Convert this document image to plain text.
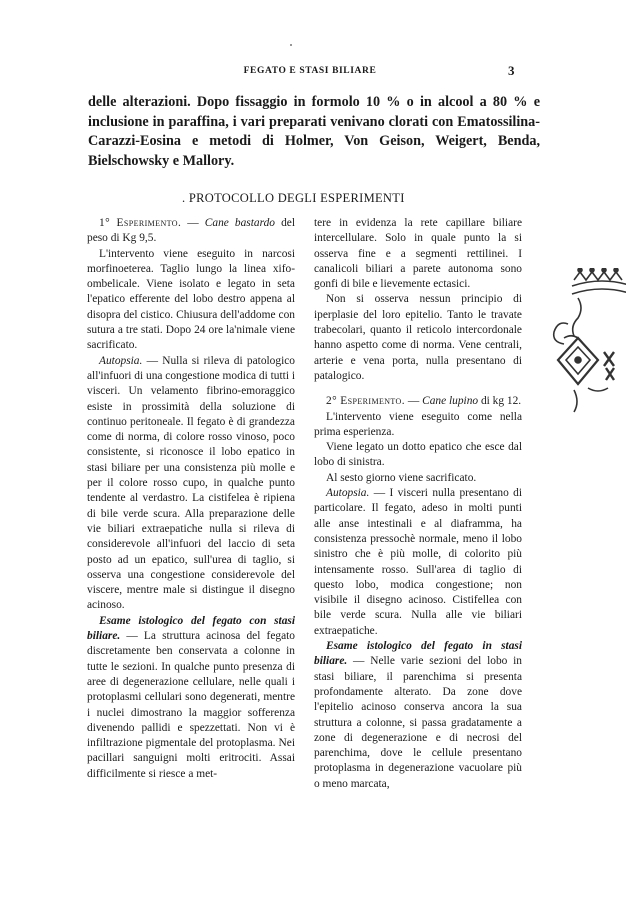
FEGATO E STASI BILIARE	3

delle alterazioni. Dopo fissaggio in formolo 10 % o in alcool a 80 % e inclusione in paraffina, i vari preparati venivano clorati con Ematossilina-Carazzi-Eosina e metodi di Holmer, Von Geison, Weigert, Benda, Bielschowsky e Mallory.

. PROTOCOLLO DEGLI ESPERIMENTI

1° Esperimento. — Cane bastardo del peso di Kg 9,5.

L'intervento viene eseguito in narcosi morfinoeterea. Taglio lungo la linea xifo-ombelicale. Viene isolato e legato in seta l'epatico efferente del lobo destro appena al disopra del cistico. Chiusura dell'addome con sutura a tre stati. Dopo 24 ore la'nimale viene sacrificato.

Autopsia. — Nulla si rileva di patologico all'infuori di una congestione modica di tutti i visceri. Un velamento fibrino-emoraggico esiste in prossimità della soluzione di continuo peritoneale. Il fegato è di grandezza come di norma, di colore rosso vinoso, poco consistente, si riconosce il lobo epatico in stasi biliare per una consistenza più molle e per il colore rosso cupo, in qualche punto tendente al verdastro. La cistifelea è ripiena di bile verde scura. Alla preparazione delle vie biliari extraepatiche nulla si rileva di considerevole all'infuori del laccio di seta posto ad un epatico, sull'urea di taglio, si osserva una congestione considerevole del viscere, mentre male si distingue il disegno acinoso.

Esame istologico del fegato con stasi biliare. — La struttura acinosa del fegato discretamente ben conservata a colonne in tutte le sezioni. In qualche punto presenza di aree di degenerazione cellulare, nelle quali i protoplasmi cellulari sono degenerati, mentre i nuclei dimostrano la maggior sofferenza divenendo pallidi e spezzettati. Non vi è infiltrazione pigmentale del protoplasma. Nei pacillari sanguigni molti eritrociti. Assai difficilmente si riesce a met-

tere in evidenza la rete capillare biliare intercellulare. Solo in quale punto la si osserva fine e a segmenti rettilinei. I canalicoli biliari a parete autonoma sono gonfi di bile e lievemente ectasici.

Non si osserva nessun principio di iperplasie del loro epitelio. Tanto le travate trabecolari, quanto il reticolo intercordonale hanno aspetto come di norma. Vene centrali, arterie e vena porta, nulla presentano di patalogico.

2° Esperimento. — Cane lupino di kg 12.

L'intervento viene eseguito come nella prima esperienza.

Viene legato un dotto epatico che esce dal lobo di sinistra.

Al sesto giorno viene sacrificato.

Autopsia. — I visceri nulla presentano di particolare. Il fegato, adeso in molti punti alle anse intestinali e al diaframma, ha consistenza pressochè normale, meno il lobo sinistro che è più molle, di colorito più intensamente rosso. Sull'area di taglio di questo lobo, modica congestione; non visibile il disegno acinoso. Cistifellea con bile verde scura. Nulla alle vie biliari extraepatiche.

Esame istologico del fegato in stasi biliare. — Nelle varie sezioni del lobo in stasi biliare, il parenchima si presenta profondamente alterato. Da zone dove l'epitelio acinoso conserva ancora la sua struttura a colonne, si passa gradatamente a zone di degenerazione e di necrosi del parenchima, dove le cellule presentano protoplasma in degenerazione vacuolare più o meno marcata,
